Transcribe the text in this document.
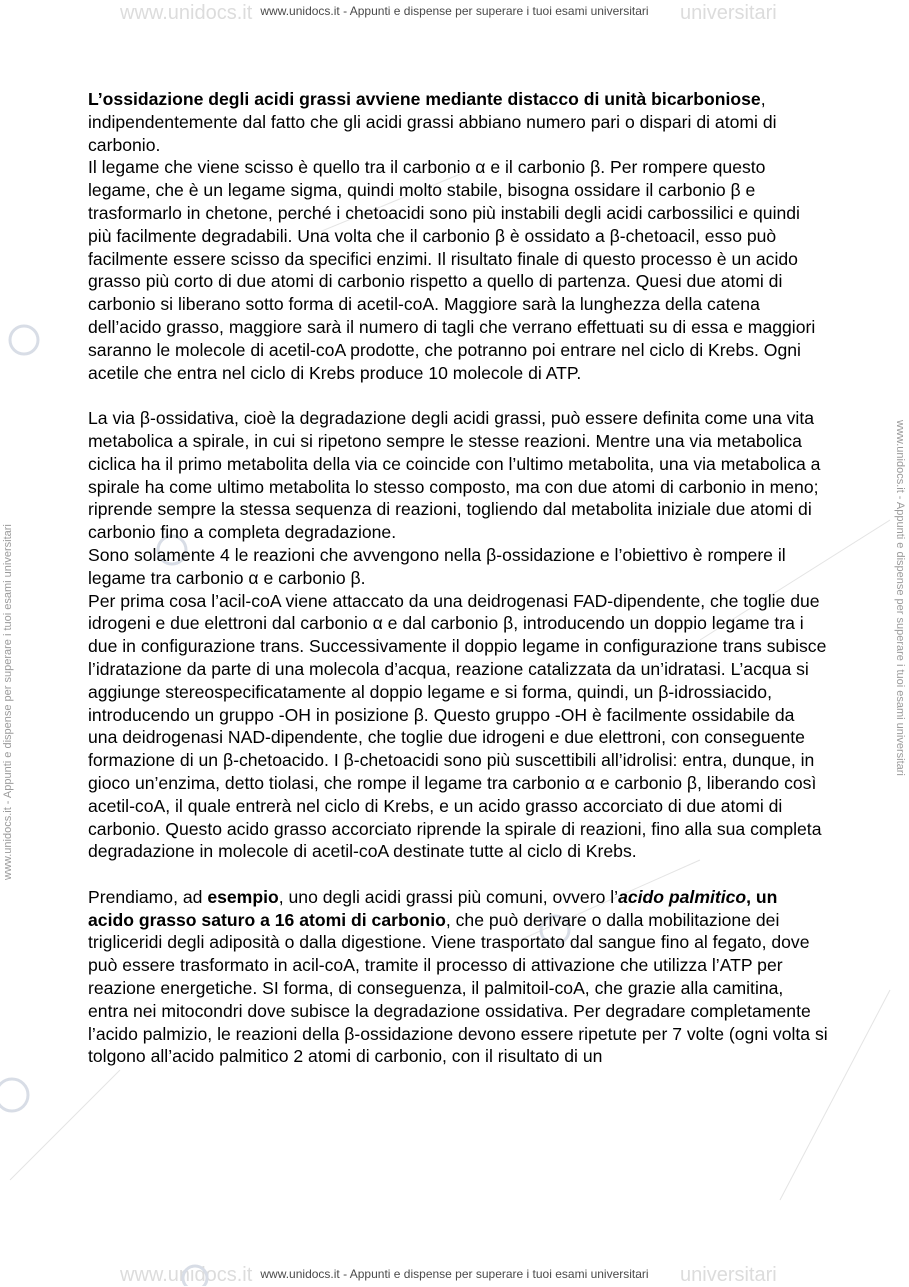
www.unidocs.it	universitari
www.unidocs.it	universitari
www.unidocs.it - Appunti e dispense per superare i tuoi esami universitari
www.unidocs.it - Appunti e dispense per superare i tuoi esami universitari
www.unidocs.it - Appunti e dispense per superare i tuoi esami universitari	www.unidocs.it - Appunti e dispense per superare i tuoi esami universitari

L’ossidazione degli acidi grassi avviene mediante distacco di unità bicarboniose, indipendentemente dal fatto che gli acidi grassi abbiano numero pari o dispari di atomi di carbonio.

Il legame che viene scisso è quello tra il carbonio α e il carbonio β. Per rompere questo legame, che è un legame sigma, quindi molto stabile, bisogna ossidare il carbonio β e trasformarlo in chetone, perché i chetoacidi sono più instabili degli acidi carbossilici e quindi più facilmente degradabili. Una volta che il carbonio β è ossidato a β-chetoacil, esso può facilmente essere scisso da specifici enzimi. Il risultato finale di questo processo è un acido grasso più corto di due atomi di carbonio rispetto a quello di partenza. Quesi due atomi di carbonio si liberano sotto forma di acetil-coA. Maggiore sarà la lunghezza della catena dell’acido grasso, maggiore sarà il numero di tagli che verrano effettuati su di essa e maggiori saranno le molecole di acetil-coA prodotte, che potranno poi entrare nel ciclo di Krebs. Ogni acetile che entra nel ciclo di Krebs produce 10 molecole di ATP.

La via β-ossidativa, cioè la degradazione degli acidi grassi, può essere definita come una vita metabolica a spirale, in cui si ripetono sempre le stesse reazioni. Mentre una via metabolica ciclica ha il primo metabolita della via ce coincide con l’ultimo metabolita, una via metabolica a spirale ha come ultimo metabolita lo stesso composto, ma con due atomi di carbonio in meno; riprende sempre la stessa sequenza di reazioni, togliendo dal metabolita iniziale due atomi di carbonio fino a completa degradazione.

Sono solamente 4 le reazioni che avvengono nella β-ossidazione e l’obiettivo è rompere il legame tra carbonio α e carbonio β.

Per prima cosa l’acil-coA viene attaccato da una deidrogenasi FAD-dipendente, che toglie due idrogeni e due elettroni dal carbonio α e dal carbonio β, introducendo un doppio legame tra i due in configurazione trans. Successivamente il doppio legame in configurazione trans subisce l’idratazione da parte di una molecola d’acqua, reazione catalizzata da un’idratasi. L’acqua si aggiunge stereospecificatamente al doppio legame e si forma, quindi, un β-idrossiacido, introducendo un gruppo -OH in posizione β. Questo gruppo -OH è facilmente ossidabile da una deidrogenasi NAD-dipendente, che toglie due idrogeni e due elettroni, con conseguente formazione di un β-chetoacido. I β-chetoacidi sono più suscettibili all’idrolisi: entra, dunque, in gioco un’enzima, detto tiolasi, che rompe il legame tra carbonio α e carbonio β, liberando così acetil-coA, il quale entrerà nel ciclo di Krebs, e un acido grasso accorciato di due atomi di carbonio. Questo acido grasso accorciato riprende la spirale di reazioni, fino alla sua completa degradazione in molecole di acetil-coA destinate tutte al ciclo di Krebs.

Prendiamo, ad esempio, uno degli acidi grassi più comuni, ovvero l’acido palmitico, un acido grasso saturo a 16 atomi di carbonio, che può derivare o dalla mobilitazione dei trigliceridi degli adiposità o dalla digestione. Viene trasportato dal sangue fino al fegato, dove può essere trasformato in acil-coA, tramite il processo di attivazione che utilizza l’ATP per reazione energetiche. SI forma, di conseguenza, il palmitoil-coA, che grazie alla camitina, entra nei mitocondri dove subisce la degradazione ossidativa. Per degradare completamente l’acido palmizio, le reazioni della β-ossidazione devono essere ripetute per 7 volte (ogni volta si tolgono all’acido palmitico 2 atomi di carbonio, con il risultato di un
